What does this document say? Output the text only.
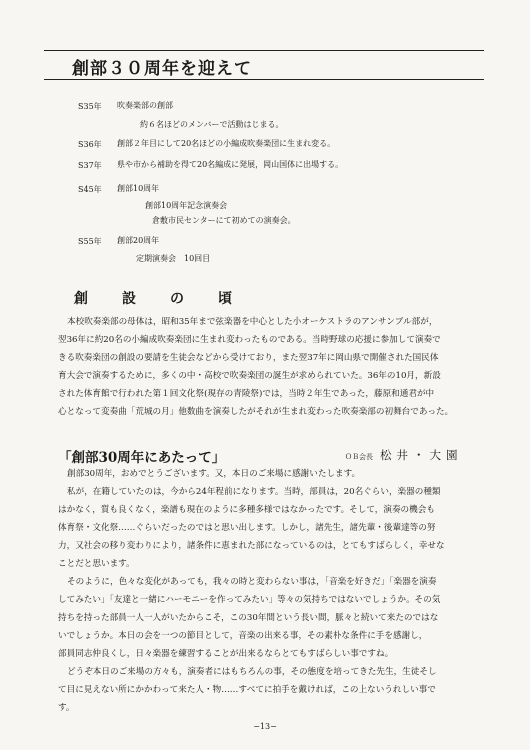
創部３０周年を迎えて
S35年 吹奏楽部の創部
約６名ほどのメンバーで活動はじまる。
S36年 創部２年目にして20名ほどの小編成吹奏楽団に生まれ変る。
S37年 県や市から補助を得て20名編成に発展，岡山国体に出場する。
S45年 創部10周年
創部10周年記念演奏会
倉敷市民センターにて初めての演奏会。
S55年 創部20周年
定期演奏会　10回目
創　設　の　頃
本校吹奏楽部の母体は，昭和35年まで弦楽器を中心とした小オーケストラのアンサンブル部が，
翌36年に約20名の小編成吹奏楽団に生まれ変わったものである。当時野球の応援に参加して演奏で
きる吹奏楽団の創設の要請を生徒会などから受けており，また翌37年に岡山県で開催された国民体
育大会で演奏するために，多くの中・高校で吹奏楽団の誕生が求められていた。36年の10月，新設
された体育館で行われた第１回文化祭(現存の青陵祭)では，当時２年生であった，藤原和通君が中
心となって変奏曲「荒城の月」他数曲を演奏したがそれが生まれ変わった吹奏楽部の初舞台であった。
「創部30周年にあたって」	ＯＢ会長 松井・大園
創部30周年，おめでとうございます。又，本日のご来場に感謝いたします。
私が，在籍していたのは，今から24年程前になります。当時，部員は，20名ぐらい，楽器の種類
はかなく，質も良くなく，楽譜も現在のように多種多様ではなかったです。そして，演奏の機会も
体育祭・文化祭……ぐらいだったのではと思い出します。しかし，諸先生，諸先輩・後輩達等の努
力，又社会の移り変わりにより，諸条件に恵まれた部になっているのは，とてもすばらしく，幸せな
ことだと思います。
そのように，色々な変化があっても，我々の時と変わらない事は，「音楽を好きだ」「楽器を演奏
してみたい」「友達と一緒にハーモニーを作ってみたい」等々の気持ちではないでしょうか。その気
持ちを持った部員一人一人がいたからこそ，この30年間という長い間，脈々と続いて来たのではな
いでしょうか。本日の会を一つの節目として，音楽の出来る事，その素朴な条件に手を感謝し，
部員同志仲良くし，日々楽器を練習することが出来るならとてもすばらしい事ですね。
どうぞ本日のご来場の方々も，演奏者にはもちろんの事，その態度を培ってきた先生，生徒そし
て目に見えない所にかかわって来た人・物……すべてに拍手を戴ければ，この上ないうれしい事で
す。
−13−
